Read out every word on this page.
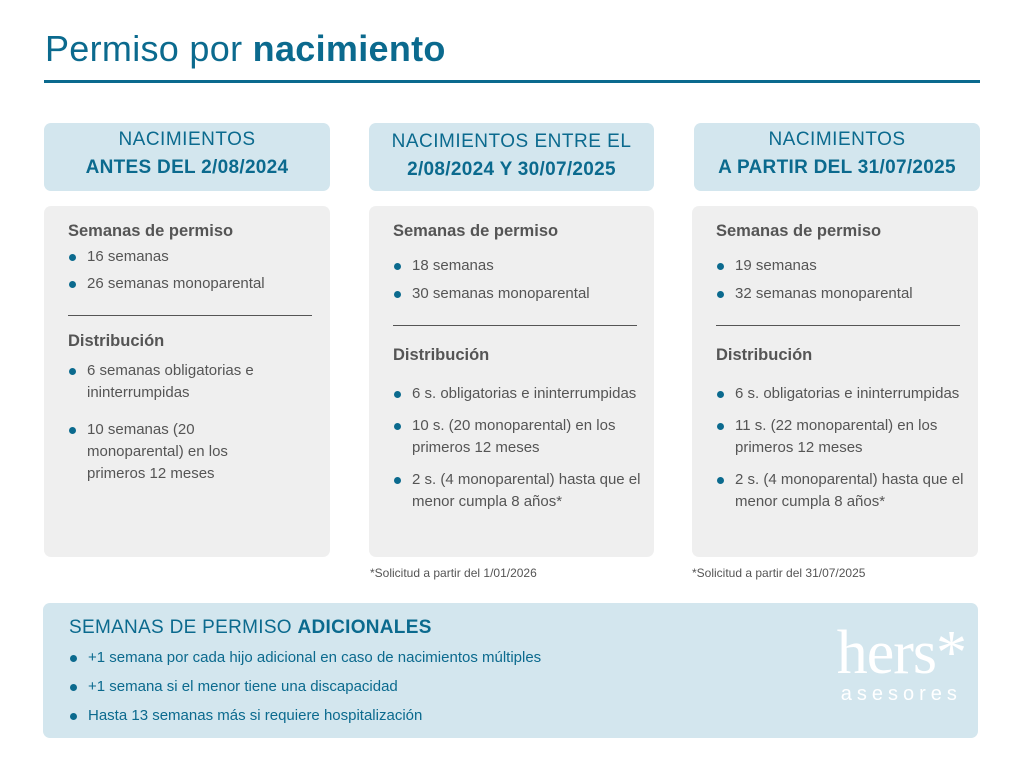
Permiso por nacimiento
NACIMIENTOS
ANTES DEL 2/08/2024
NACIMIENTOS ENTRE EL
2/08/2024 Y 30/07/2025
NACIMIENTOS
A PARTIR DEL 31/07/2025
Semanas de permiso
16 semanas
26 semanas monoparental
Distribución
6 semanas obligatorias e ininterrumpidas
10 semanas (20 monoparental) en los primeros 12 meses
Semanas de permiso
18 semanas
30 semanas monoparental
Distribución
6 s. obligatorias e ininterrumpidas
10 s. (20 monoparental) en los primeros 12 meses
2 s. (4 monoparental) hasta que el menor cumpla 8 años*
Semanas de permiso
19 semanas
32 semanas monoparental
Distribución
6 s. obligatorias e ininterrumpidas
11 s. (22 monoparental) en los primeros 12 meses
2 s. (4 monoparental) hasta que el menor cumpla 8 años*
*Solicitud a partir del 1/01/2026	*Solicitud a partir del 31/07/2025
SEMANAS DE PERMISO ADICIONALES
+1 semana por cada hijo adicional en caso de nacimientos múltiples
+1 semana si el menor tiene una discapacidad
Hasta 13 semanas más si requiere hospitalización
hers*
asesores
